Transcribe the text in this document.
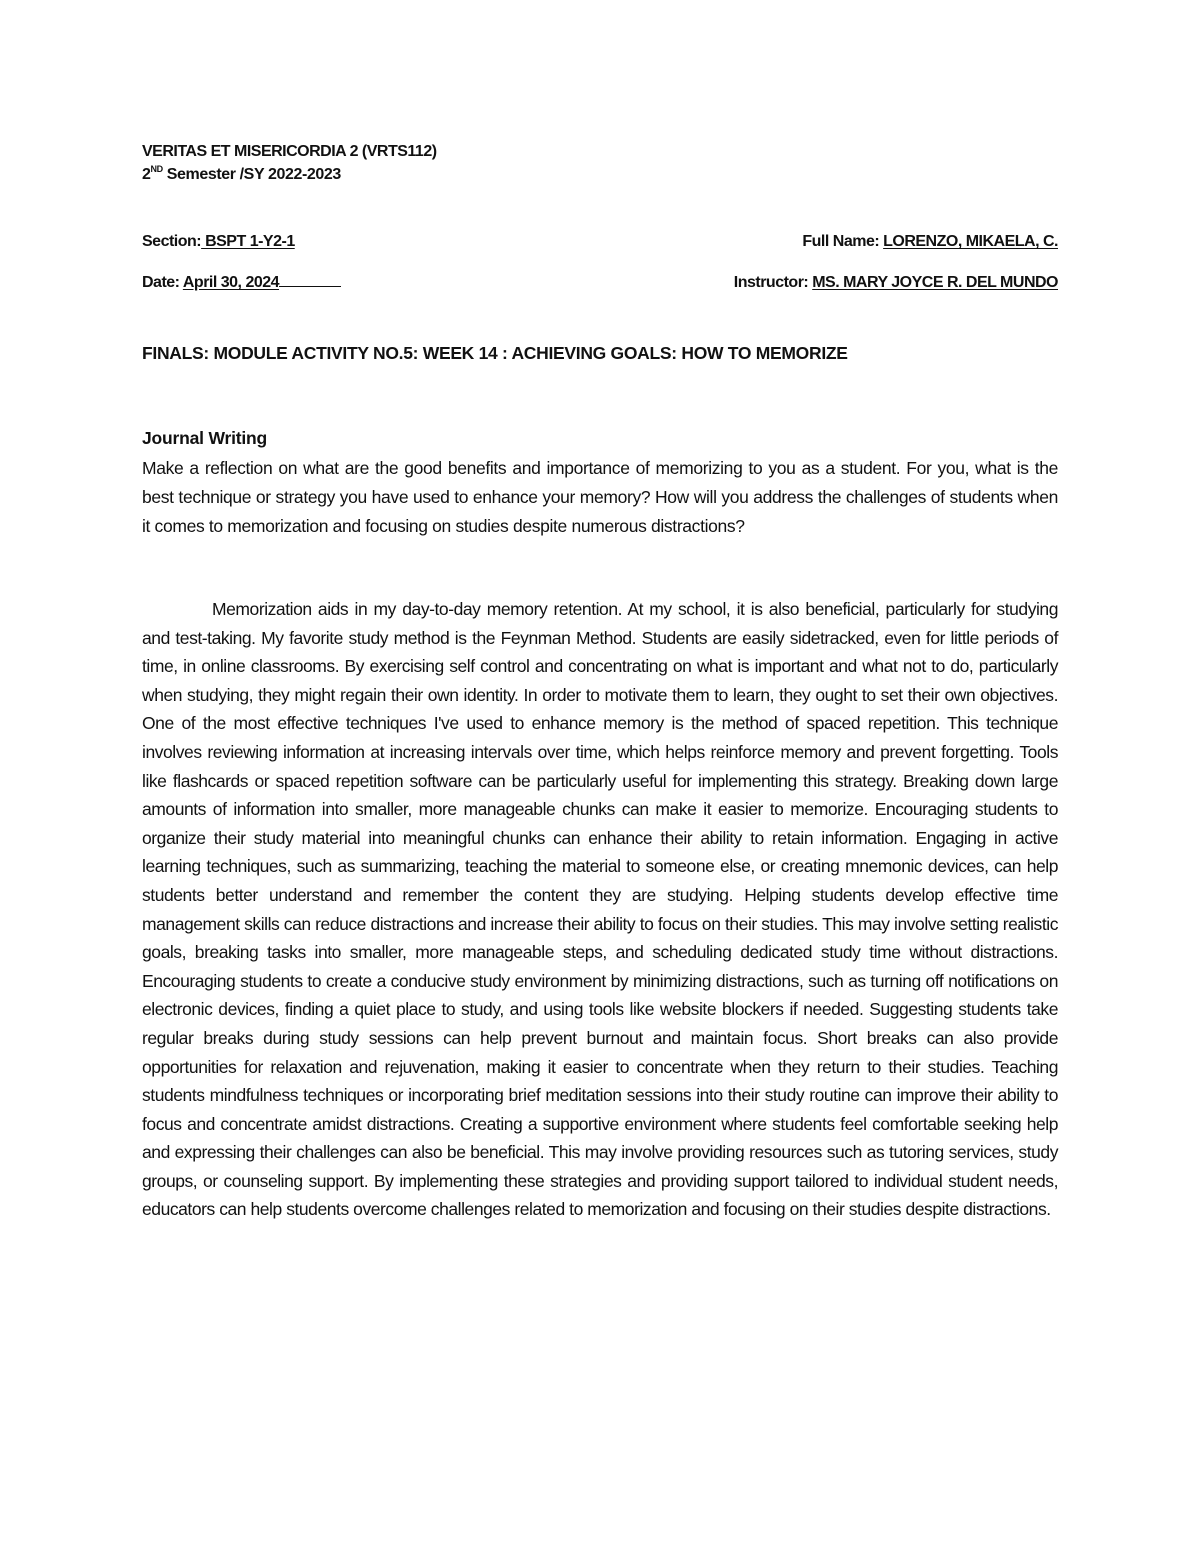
VERITAS ET MISERICORDIA 2 (VRTS112)
2ND Semester /SY 2022-2023
Section: BSPT 1-Y2-1
Date: April 30, 2024
Full Name: LORENZO, MIKAELA, C.
Instructor: MS. MARY JOYCE R. DEL MUNDO
FINALS: MODULE ACTIVITY NO.5: WEEK 14 : ACHIEVING GOALS: HOW TO MEMORIZE
Journal Writing

Make a reflection on what are the good benefits and importance of memorizing to you as a student. For you, what is the best technique or strategy you have used to enhance your memory? How will you address the challenges of students when it comes to memorization and focusing on studies despite numerous distractions?

Memorization aids in my day-to-day memory retention. At my school, it is also beneficial, particularly for studying and test-taking. My favorite study method is the Feynman Method. Students are easily sidetracked, even for little periods of time, in online classrooms. By exercising self control and concentrating on what is important and what not to do, particularly when studying, they might regain their own identity. In order to motivate them to learn, they ought to set their own objectives. One of the most effective techniques I've used to enhance memory is the method of spaced repetition. This technique involves reviewing information at increasing intervals over time, which helps reinforce memory and prevent forgetting. Tools like flashcards or spaced repetition software can be particularly useful for implementing this strategy. Breaking down large amounts of information into smaller, more manageable chunks can make it easier to memorize. Encouraging students to organize their study material into meaningful chunks can enhance their ability to retain information. Engaging in active learning techniques, such as summarizing, teaching the material to someone else, or creating mnemonic devices, can help students better understand and remember the content they are studying. Helping students develop effective time management skills can reduce distractions and increase their ability to focus on their studies. This may involve setting realistic goals, breaking tasks into smaller, more manageable steps, and scheduling dedicated study time without distractions. Encouraging students to create a conducive study environment by minimizing distractions, such as turning off notifications on electronic devices, finding a quiet place to study, and using tools like website blockers if needed. Suggesting students take regular breaks during study sessions can help prevent burnout and maintain focus. Short breaks can also provide opportunities for relaxation and rejuvenation, making it easier to concentrate when they return to their studies. Teaching students mindfulness techniques or incorporating brief meditation sessions into their study routine can improve their ability to focus and concentrate amidst distractions. Creating a supportive environment where students feel comfortable seeking help and expressing their challenges can also be beneficial. This may involve providing resources such as tutoring services, study groups, or counseling support. By implementing these strategies and providing support tailored to individual student needs, educators can help students overcome challenges related to memorization and focusing on their studies despite distractions.
